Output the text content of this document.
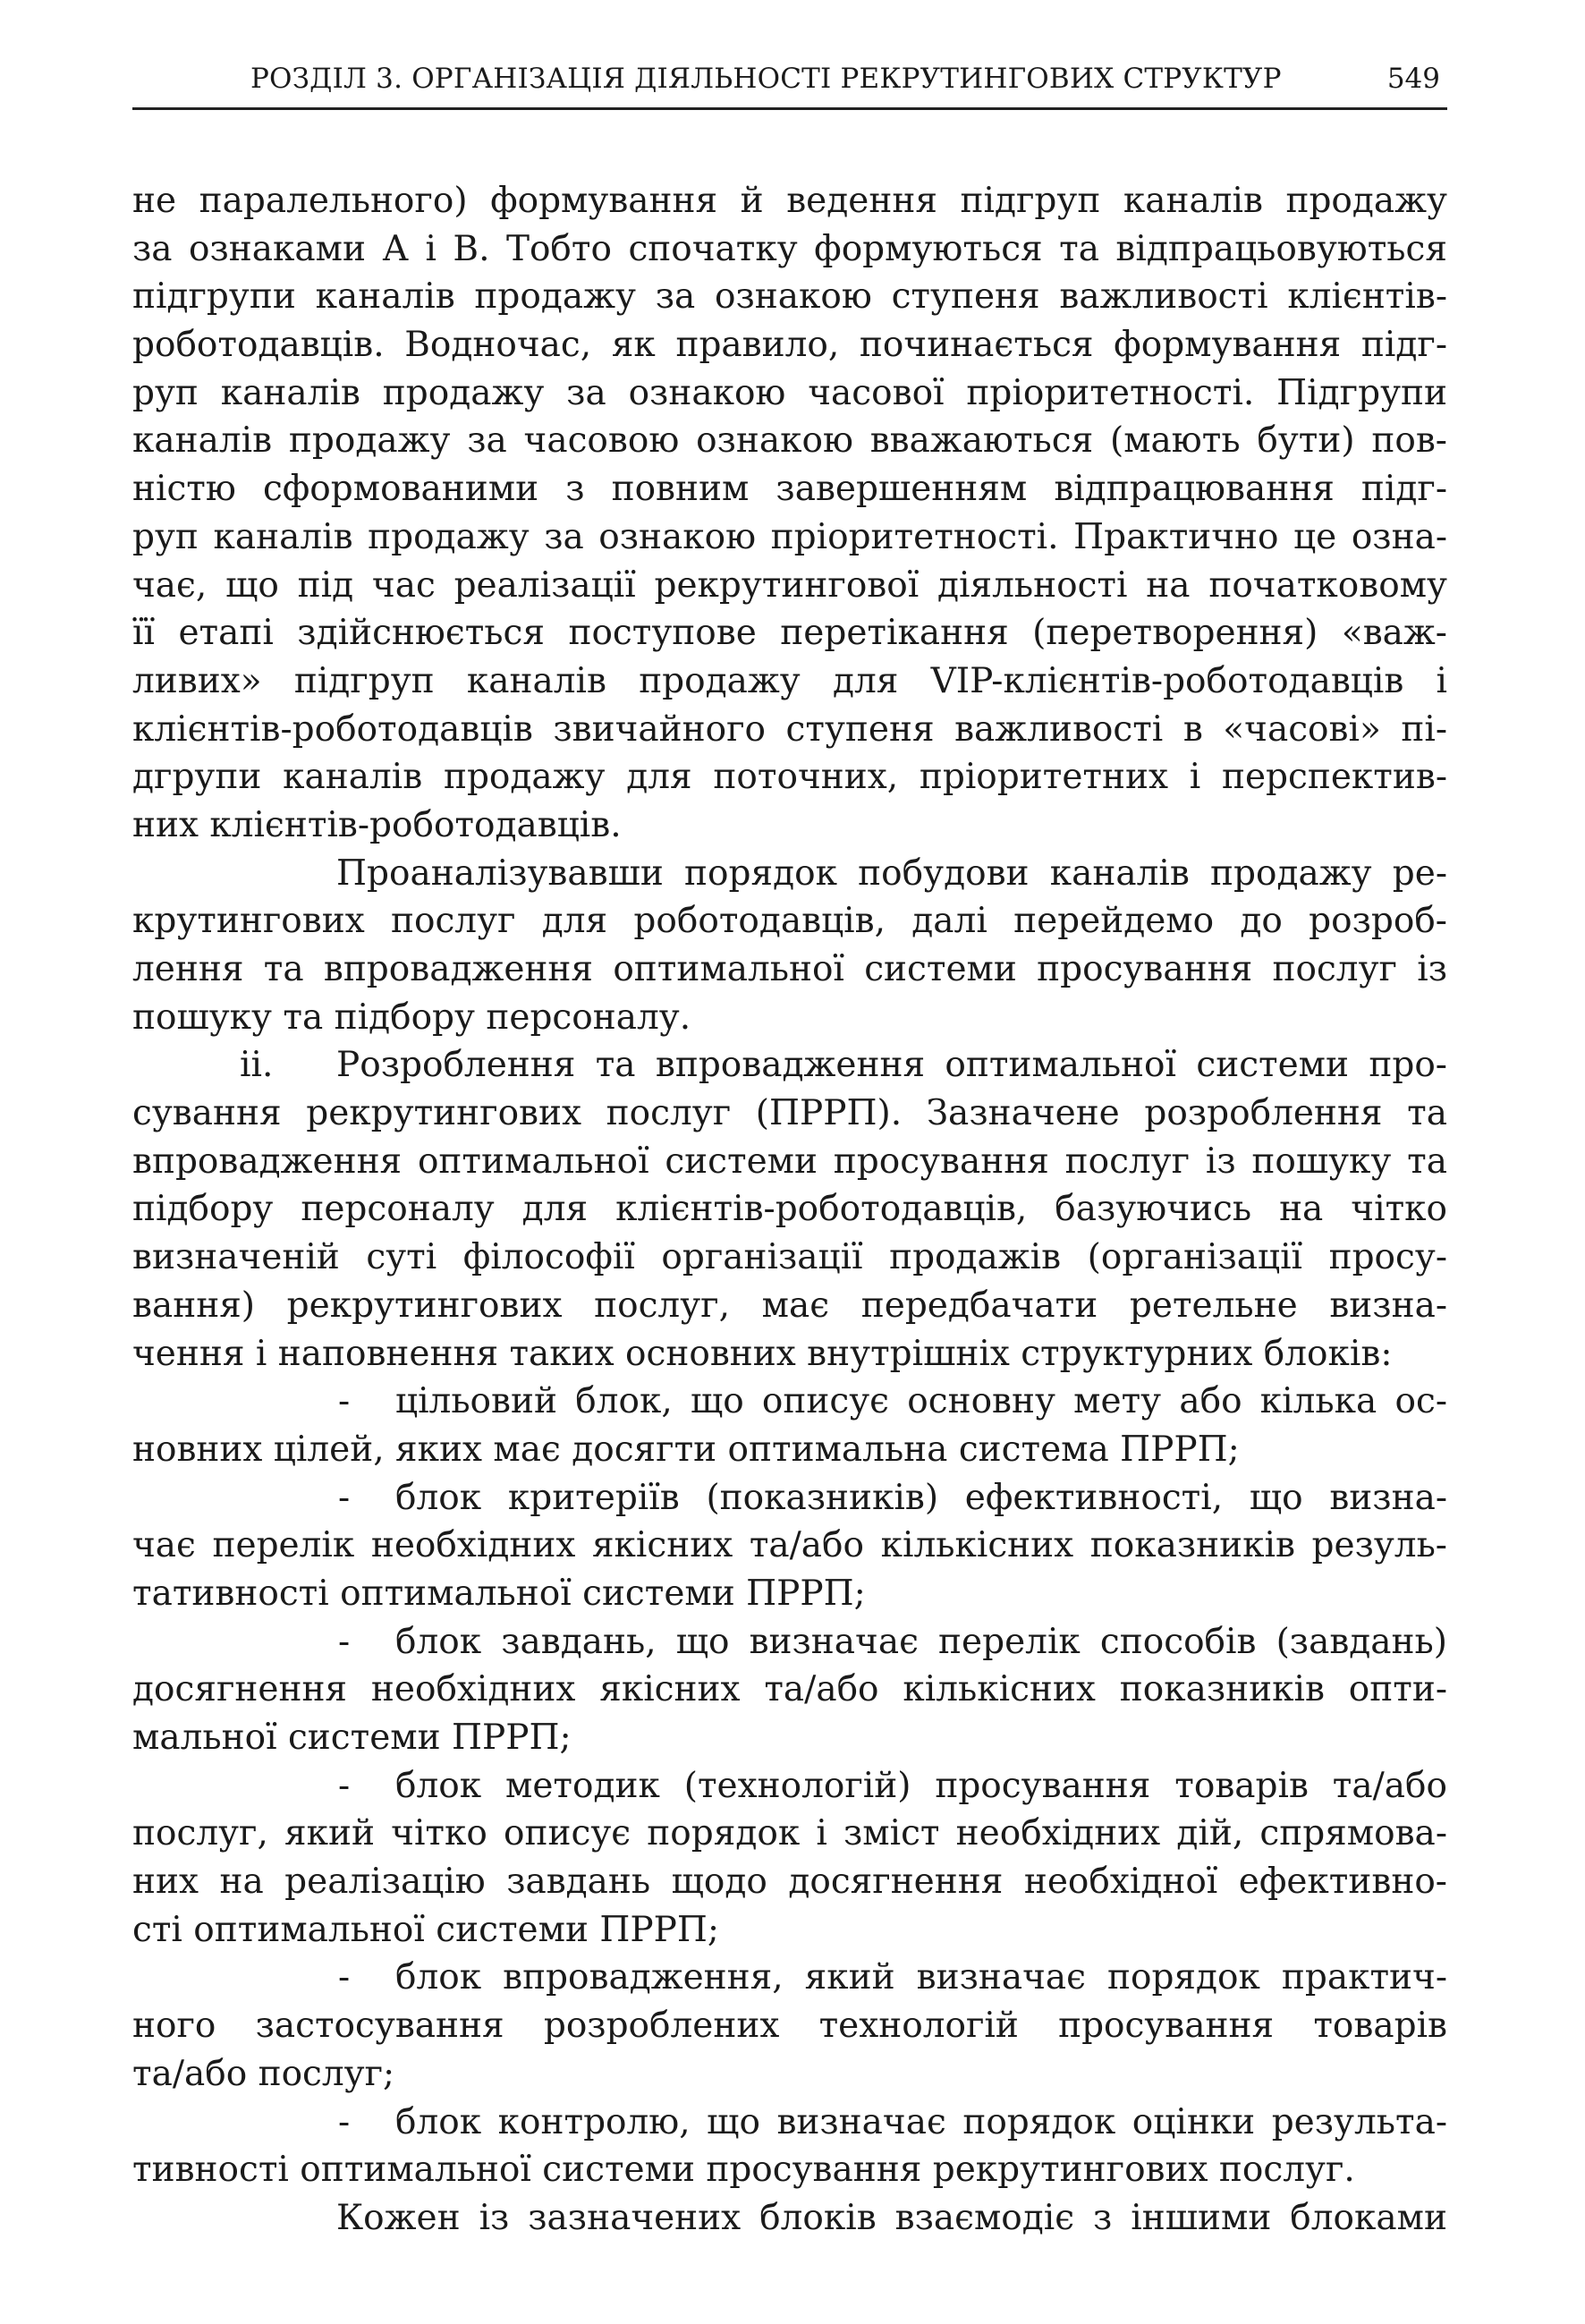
РОЗДІЛ 3. ОРГАНІЗАЦІЯ ДІЯЛЬНОСТІ РЕКРУТИНГОВИХ СТРУКТУР	549
не паралельного) формування й ведення підгруп каналів продажу
за ознаками А і В. Тобто спочатку формуються та відпрацьовуються
підгрупи каналів продажу за ознакою ступеня важливості клієнтів-
роботодавців. Водночас, як правило, починається формування підг-
руп каналів продажу за ознакою часової пріоритетності. Підгрупи
каналів продажу за часовою ознакою вважаються (мають бути) пов-
ністю сформованими з повним завершенням відпрацювання підг-
руп каналів продажу за ознакою пріоритетності. Практично це озна-
чає, що під час реалізації рекрутингової діяльності на початковому
її етапі здійснюється поступове перетікання (перетворення) «важ-
ливих» підгруп каналів продажу для VIP-клієнтів-роботодавців і
клієнтів-роботодавців звичайного ступеня важливості в «часові» пі-
дгрупи каналів продажу для поточних, пріоритетних і перспектив-
них клієнтів-роботодавців.
Проаналізувавши порядок побудови каналів продажу ре-
крутингових послуг для роботодавців, далі перейдемо до розроб-
лення та впровадження оптимальної системи просування послуг із
пошуку та підбору персоналу.
ii. Розроблення та впровадження оптимальної системи про-
сування рекрутингових послуг (ПРРП). Зазначене розроблення та
впровадження оптимальної системи просування послуг із пошуку та
підбору персоналу для клієнтів-роботодавців, базуючись на чітко
визначеній суті філософії організації продажів (організації просу-
вання) рекрутингових послуг, має передбачати ретельне визна-
чення і наповнення таких основних внутрішніх структурних блоків:
- цільовий блок, що описує основну мету або кілька ос-
новних цілей, яких має досягти оптимальна система ПРРП;
- блок критеріїв (показників) ефективності, що визна-
чає перелік необхідних якісних та/або кількісних показників резуль-
тативності оптимальної системи ПРРП;
- блок завдань, що визначає перелік способів (завдань)
досягнення необхідних якісних та/або кількісних показників опти-
мальної системи ПРРП;
- блок методик (технологій) просування товарів та/або
послуг, який чітко описує порядок і зміст необхідних дій, спрямова-
них на реалізацію завдань щодо досягнення необхідної ефективно-
сті оптимальної системи ПРРП;
- блок впровадження, який визначає порядок практич-
ного застосування розроблених технологій просування товарів
та/або послуг;
- блок контролю, що визначає порядок оцінки результа-
тивності оптимальної системи просування рекрутингових послуг.
Кожен із зазначених блоків взаємодіє з іншими блоками
